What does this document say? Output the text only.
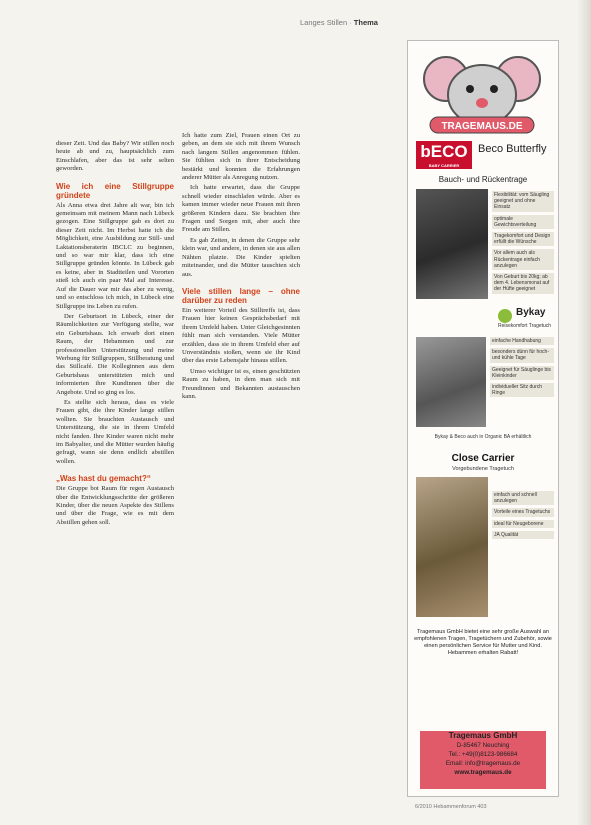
Langes Stillen · Thema

dieser Zeit. Und das Baby? Wir stillen noch heute ab und zu, hauptsächlich zum Einschlafen, aber das ist sehr selten geworden.

Wie ich eine Stillgruppe gründete

Als Anna etwa drei Jahre alt war, bin ich gemeinsam mit meinem Mann nach Lübeck gezogen. Eine Stillgruppe gab es dort zu dieser Zeit nicht. Im Herbst hatte ich die Möglichkeit, eine Ausbildung zur Still- und Laktationsberaterin IBCLC zu beginnen, und so war mir klar, dass ich eine Stillgruppe gründen könnte. In Lübeck gab es keine, aber in Stadtteilen und Vororten stieß ich auch ein paar Mal auf Interesse. Auf die Dauer war mir das aber zu wenig, und so entschloss ich mich, in Lübeck eine Stillgruppe ins Leben zu rufen.

Der Geburtsort in Lübeck, einer der Räumlichkeiten zur Verfügung stellte, war ein Geburtshaus. Ich erwarb dort einen Raum, der Hebammen und zur professionellen Unterstützung und meine Werbung für Stillgruppen, Stillberatung und das Stillcafé. Die Kolleginnen aus dem Geburtshaus unterstützten mich und informierten ihre Kundinnen über die Angebote. Und so ging es los.

Es stellte sich heraus, dass es viele Frauen gibt, die ihre Kinder lange stillen wollten. Sie brauchten Austausch und Unterstützung, die sie in ihrem Umfeld nicht fanden. Ihre Kinder waren nicht mehr im Babyalter, und die Mütter wurden häufig gefragt, wann sie denn endlich abstillen wollen.

„Was hast du gemacht?“

Die Gruppe bot Raum für regen Austausch über die Entwicklungsschritte der größeren Kinder, über die neuen Aspekte des Stillens und über die Frage, wie es mit dem Abstillen gehen soll.

Ich hatte zum Ziel, Frauen einen Ort zu geben, an dem sie sich mit ihrem Wunsch nach langem Stillen angenommen fühlen. Sie fühlten sich in ihrer Entscheidung bestärkt und konnten die Erfahrungen anderer Mütter als Anregung nutzen.

Ich hatte erwartet, dass die Gruppe schnell wieder einschlafen würde. Aber es kamen immer wieder neue Frauen mit ihren größeren Kindern dazu. Sie brachten ihre Fragen und Sorgen mit, aber auch ihre Freude am Stillen.

Es gab Zeiten, in denen die Gruppe sehr klein war, und andere, in denen sie aus allen Nähten platzte. Die Kinder spielten miteinander, und die Mütter tauschten sich aus.

Viele stillen lange – ohne darüber zu reden

Ein weiterer Vorteil des Stilltreffs ist, dass Frauen hier keinen Gesprächsbedarf mit ihrem Umfeld haben. Unter Gleichgesinnten fühlt man sich verstanden. Viele Mütter erzählen, dass sie in ihrem Umfeld eher auf Unverständnis stoßen, wenn sie ihr Kind über das erste Lebensjahr hinaus stillen.

Umso wichtiger ist es, einen geschützten Raum zu haben, in dem man sich mit Freundinnen und Bekannten austauschen kann.

TRAGEMAUS.DE
bECO
BABY CARRIER
Beco Butterfly
Bauch- und Rückentrage
Flexibilität: vom Säugling geeignet und ohne Einsatz
optimale Gewichtsverteilung
Tragekomfort und Design erfüllt die Wünsche
Vor allem auch als Rückentrage einfach anzulegen
Von Geburt bis 20kg; ab dem 4. Lebensmonat auf der Hüfte geeignet
Bykay
Reisekomfort Tragetuch
einfache Handhabung
besonders dünn für hoch- und kühle Tage
Geeignet für Säuglinge bis Kleinkinder
individueller Sitz durch Ringe
Bykay & Beco auch in Organic BA erhältlich
Close Carrier
Vorgebundene Tragetuch
einfach und schnell anzulegen
Vorteile eines Tragetuchs
ideal für Neugeborene
JA Qualität
Tragemaus GmbH bietet eine sehr große Auswahl an empfohlenen Tragen, Tragetüchern und Zubehör, sowie einen persönlichen Service für Mutter und Kind. Hebammen erhalten Rabatt!
Tragemaus GmbH
D-85467 Neuching
Tel.: +49(0)8123-986684
Email: info@tragemaus.de
www.tragemaus.de
6/2010 Hebammenforum 403
